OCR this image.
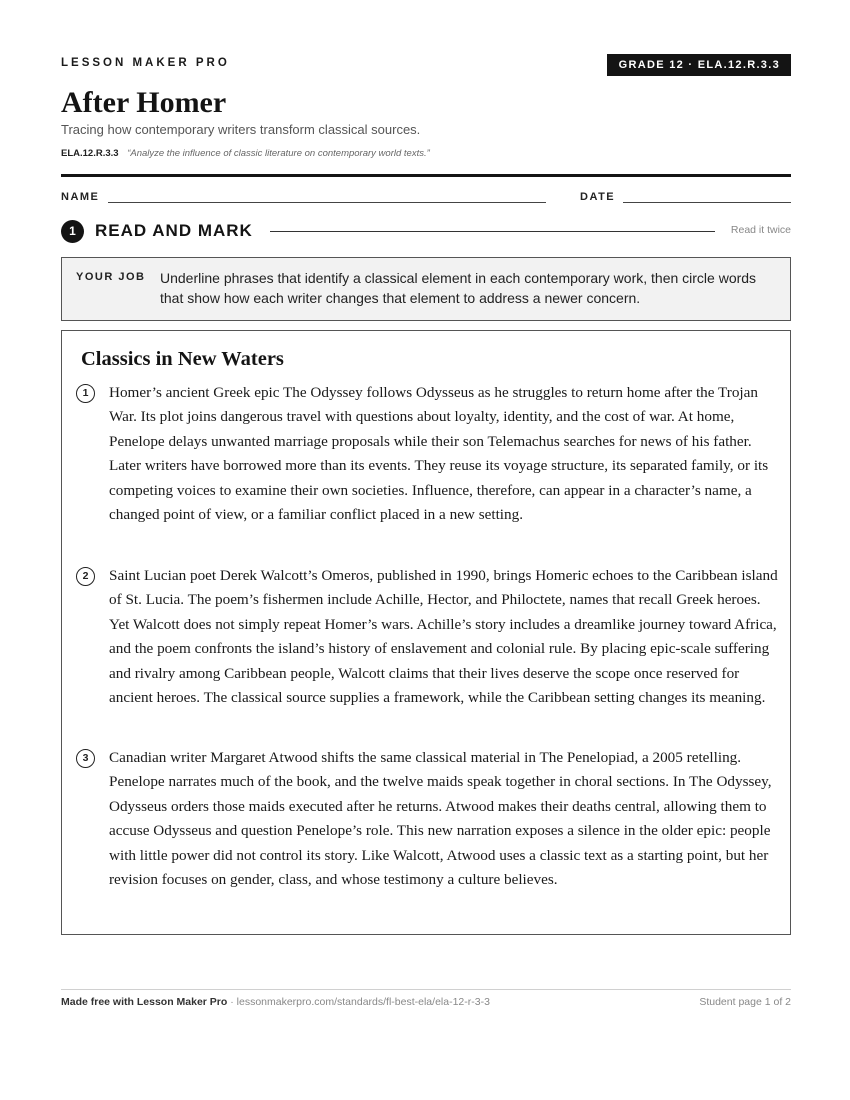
LESSON MAKER PRO	GRADE 12 · ELA.12.R.3.3
After Homer
Tracing how contemporary writers transform classical sources.
ELA.12.R.3.3 “Analyze the influence of classic literature on contemporary world texts.”
NAME	DATE
1	READ AND MARK	Read it twice
YOUR JOB Underline phrases that identify a classical element in each contemporary work, then circle words that show how each writer changes that element to address a newer concern.
Classics in New Waters
1	Homer’s ancient Greek epic The Odyssey follows Odysseus as he struggles to return home after the Trojan War. Its plot joins dangerous travel with questions about loyalty, identity, and the cost of war. At home, Penelope delays unwanted marriage proposals while their son Telemachus searches for news of his father. Later writers have borrowed more than its events. They reuse its voyage structure, its separated family, or its competing voices to examine their own societies. Influence, therefore, can appear in a character’s name, a changed point of view, or a familiar conflict placed in a new setting.
2	Saint Lucian poet Derek Walcott’s Omeros, published in 1990, brings Homeric echoes to the Caribbean island of St. Lucia. The poem’s fishermen include Achille, Hector, and Philoctete, names that recall Greek heroes. Yet Walcott does not simply repeat Homer’s wars. Achille’s story includes a dreamlike journey toward Africa, and the poem confronts the island’s history of enslavement and colonial rule. By placing epic-scale suffering and rivalry among Caribbean people, Walcott claims that their lives deserve the scope once reserved for ancient heroes. The classical source supplies a framework, while the Caribbean setting changes its meaning.
3	Canadian writer Margaret Atwood shifts the same classical material in The Penelopiad, a 2005 retelling. Penelope narrates much of the book, and the twelve maids speak together in choral sections. In The Odyssey, Odysseus orders those maids executed after he returns. Atwood makes their deaths central, allowing them to accuse Odysseus and question Penelope’s role. This new narration exposes a silence in the older epic: people with little power did not control its story. Like Walcott, Atwood uses a classic text as a starting point, but her revision focuses on gender, class, and whose testimony a culture believes.
Made free with Lesson Maker Pro · lessonmakerpro.com/standards/fl-best-ela/ela-12-r-3-3	Student page 1 of 2
